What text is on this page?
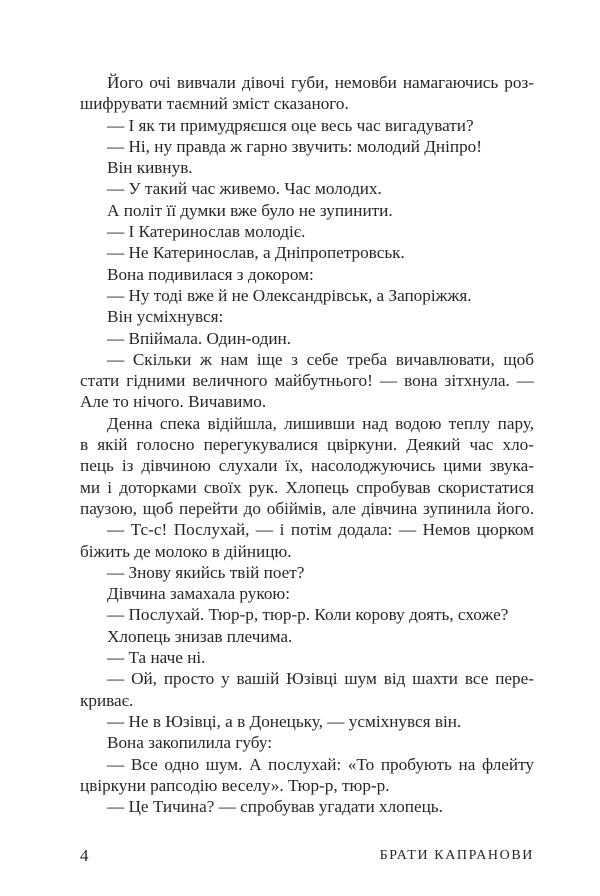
Його очі вивчали дівочі губи, немовби намагаючись роз-
шифрувати таємний зміст сказаного.
— І як ти примудряєшся оце весь час вигадувати?
— Ні, ну правда ж гарно звучить: молодий Дніпро!
Він кивнув.
— У такий час живемо. Час молодих.
А політ її думки вже було не зупинити.
— І Катеринослав молодіє.
— Не Катеринослав, а Дніпропетровськ.
Вона подивилася з докором:
— Ну тоді вже й не Олександрівськ, а Запоріжжя.
Він усміхнувся:
— Впіймала. Один-один.
— Скільки ж нам іще з себе треба вичавлювати, щоб
стати гідними величного майбутнього! — вона зітхнула. —
Але то нічого. Вичавимо.
Денна спека відійшла, лишивши над водою теплу пару,
в якій голосно перегукувалися цвіркуни. Деякий час хло-
пець із дівчиною слухали їх, насолоджуючись цими звука-
ми і доторками своїх рук. Хлопець спробував скористатися
паузою, щоб перейти до обіймів, але дівчина зупинила його.
— Тс-с! Послухай, — і потім додала: — Немов цюрком
біжить де молоко в дійницю.
— Знову якийсь твій поет?
Дівчина замахала рукою:
— Послухай. Тюр-р, тюр-р. Коли корову доять, схоже?
Хлопець знизав плечима.
— Та наче ні.
— Ой, просто у вашій Юзівці шум від шахти все пере-
криває.
— Не в Юзівці, а в Донецьку, — усміхнувся він.
Вона закопилила губу:
— Все одно шум. А послухай: «То пробують на флейту
цвіркуни рапсодію веселу». Тюр-р, тюр-р.
— Це Тичина? — спробував угадати хлопець.
4	БРАТИ КАПРАНОВИ
